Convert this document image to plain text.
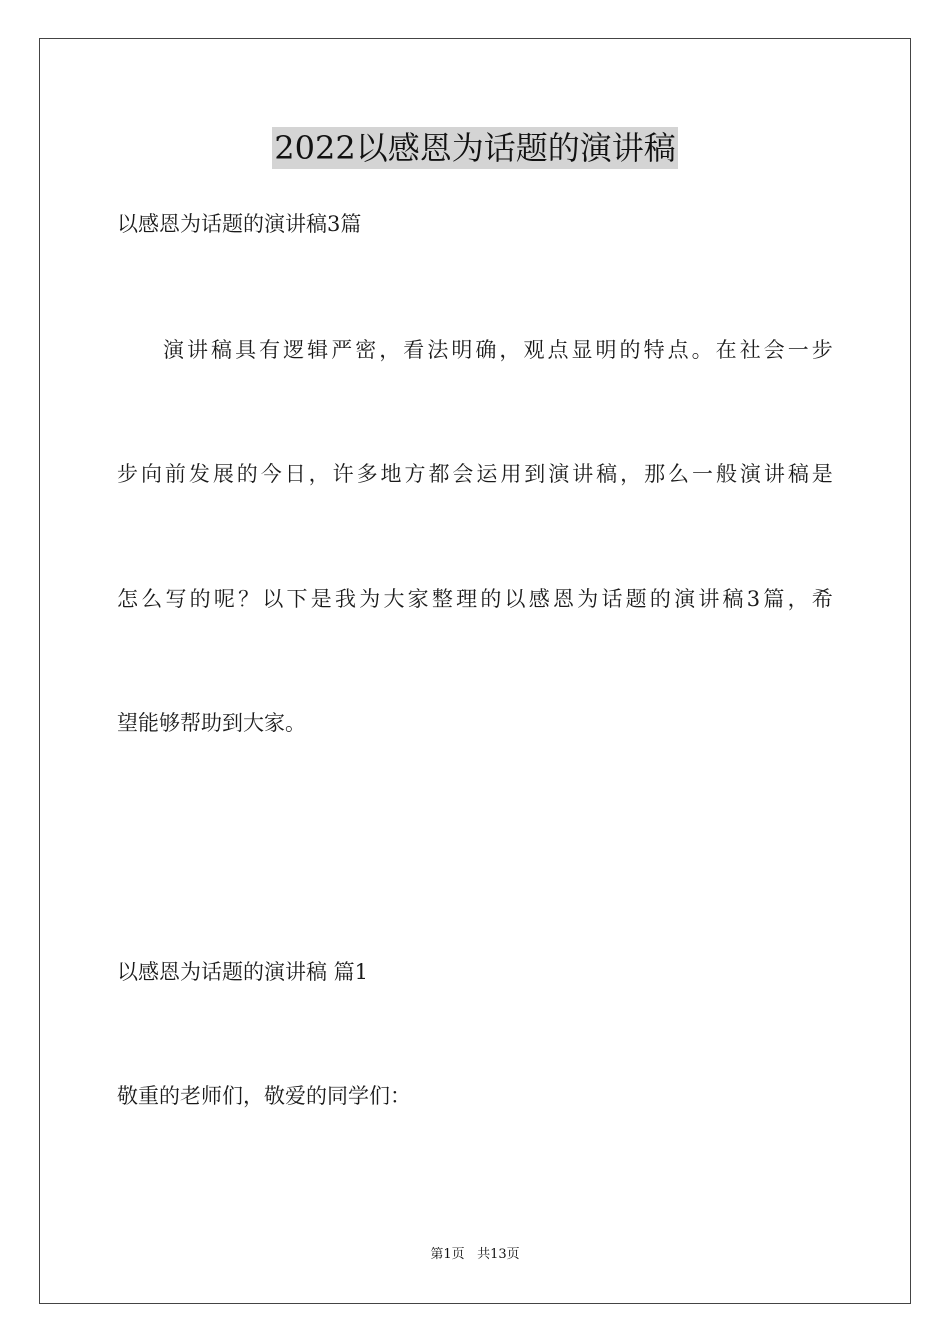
2022以感恩为话题的演讲稿
以感恩为话题的演讲稿3篇
演讲稿具有逻辑严密，看法明确，观点显明的特点。在社会一步
步向前发展的今日，许多地方都会运用到演讲稿，那么一般演讲稿是
怎么写的呢？以下是我为大家整理的以感恩为话题的演讲稿3篇，希
望能够帮助到大家。
以感恩为话题的演讲稿 篇1
敬重的老师们，敬爱的同学们：
第1页 共13页
